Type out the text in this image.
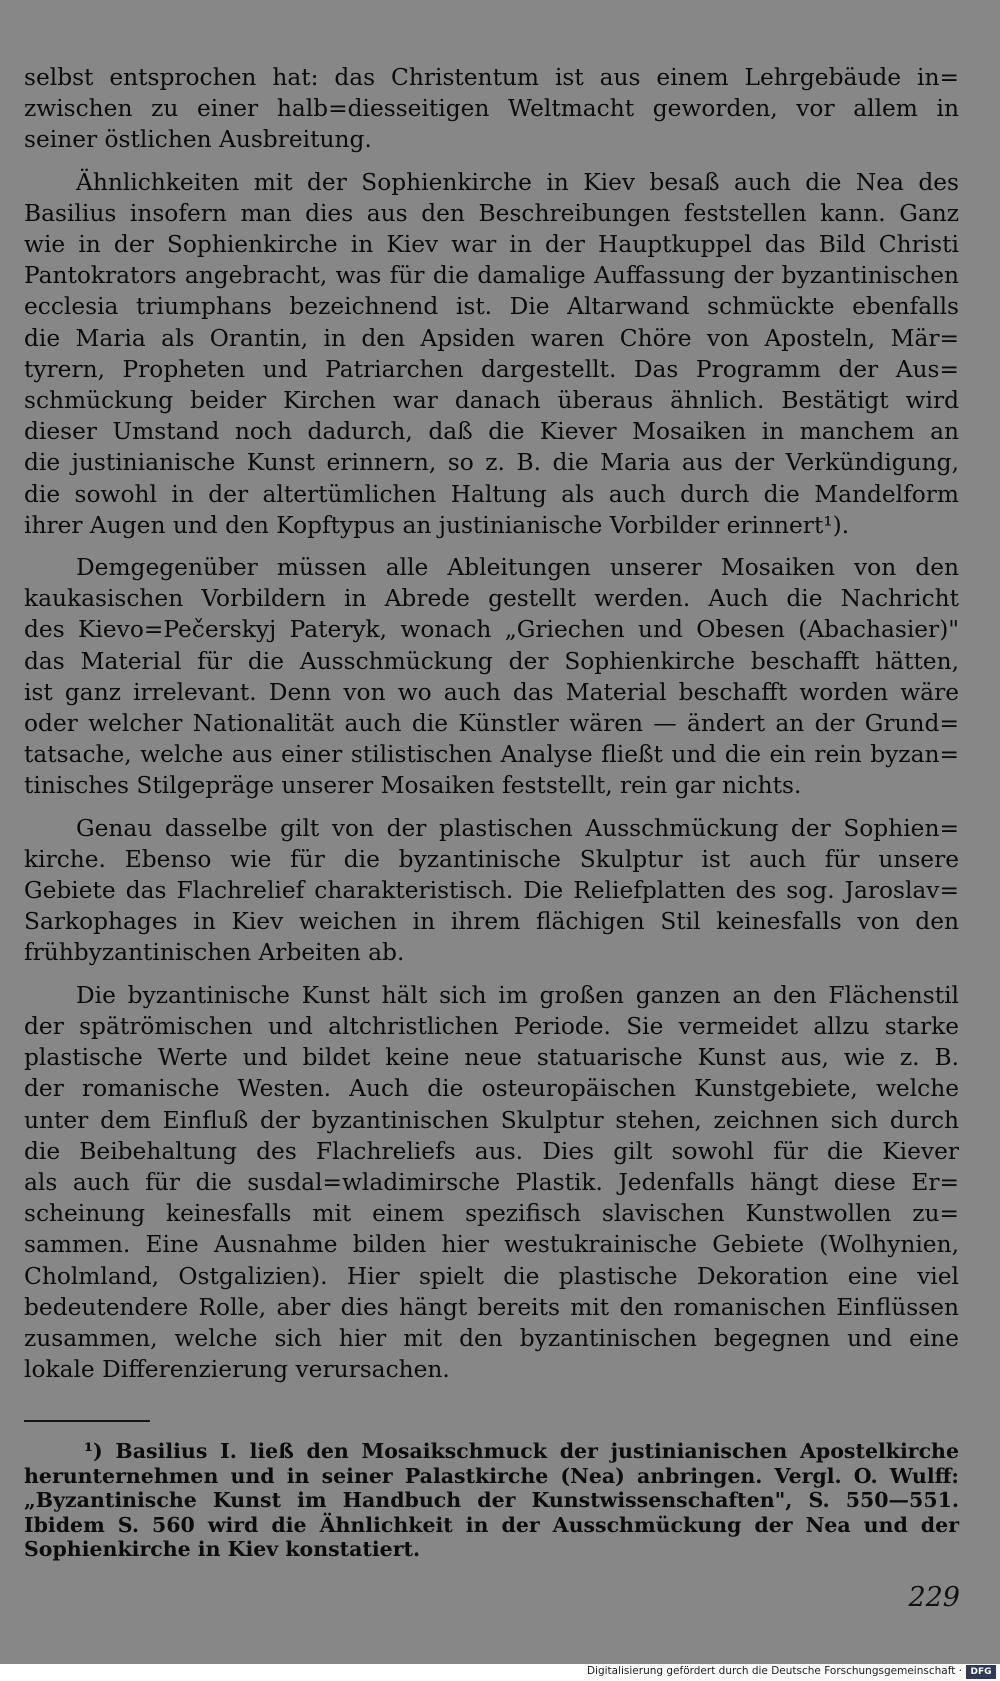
selbst entsprochen hat: das Christentum ist aus einem Lehrgebäude in=
zwischen zu einer halb=diesseitigen Weltmacht geworden, vor allem in
seiner östlichen Ausbreitung.
Ähnlichkeiten mit der Sophienkirche in Kiev besaß auch die Nea des
Basilius insofern man dies aus den Beschreibungen feststellen kann. Ganz
wie in der Sophienkirche in Kiev war in der Hauptkuppel das Bild Christi
Pantokrators angebracht, was für die damalige Auffassung der byzantinischen
ecclesia triumphans bezeichnend ist. Die Altarwand schmückte ebenfalls
die Maria als Orantin, in den Apsiden waren Chöre von Aposteln, Mär=
tyrern, Propheten und Patriarchen dargestellt. Das Programm der Aus=
schmückung beider Kirchen war danach überaus ähnlich. Bestätigt wird
dieser Umstand noch dadurch, daß die Kiever Mosaiken in manchem an
die justinianische Kunst erinnern, so z. B. die Maria aus der Verkündigung,
die sowohl in der altertümlichen Haltung als auch durch die Mandelform
ihrer Augen und den Kopftypus an justinianische Vorbilder erinnert¹).
Demgegenüber müssen alle Ableitungen unserer Mosaiken von den
kaukasischen Vorbildern in Abrede gestellt werden. Auch die Nachricht
des Kievo=Pečerskyj Pateryk, wonach „Griechen und Obesen (Abachasier)"
das Material für die Ausschmückung der Sophienkirche beschafft hätten,
ist ganz irrelevant. Denn von wo auch das Material beschafft worden wäre
oder welcher Nationalität auch die Künstler wären — ändert an der Grund=
tatsache, welche aus einer stilistischen Analyse fließt und die ein rein byzan=
tinisches Stilgepräge unserer Mosaiken feststellt, rein gar nichts.
Genau dasselbe gilt von der plastischen Ausschmückung der Sophien=
kirche. Ebenso wie für die byzantinische Skulptur ist auch für unsere
Gebiete das Flachrelief charakteristisch. Die Reliefplatten des sog. Jaroslav=
Sarkophages in Kiev weichen in ihrem flächigen Stil keinesfalls von den
frühbyzantinischen Arbeiten ab.
Die byzantinische Kunst hält sich im großen ganzen an den Flächenstil
der spätrömischen und altchristlichen Periode. Sie vermeidet allzu starke
plastische Werte und bildet keine neue statuarische Kunst aus, wie z. B.
der romanische Westen. Auch die osteuropäischen Kunstgebiete, welche
unter dem Einfluß der byzantinischen Skulptur stehen, zeichnen sich durch
die Beibehaltung des Flachreliefs aus. Dies gilt sowohl für die Kiever
als auch für die susdal=wladimirsche Plastik. Jedenfalls hängt diese Er=
scheinung keinesfalls mit einem spezifisch slavischen Kunstwollen zu=
sammen. Eine Ausnahme bilden hier westukrainische Gebiete (Wolhynien,
Cholmland, Ostgalizien). Hier spielt die plastische Dekoration eine viel
bedeutendere Rolle, aber dies hängt bereits mit den romanischen Einflüssen
zusammen, welche sich hier mit den byzantinischen begegnen und eine
lokale Differenzierung verursachen.
¹) Basilius I. ließ den Mosaikschmuck der justinianischen Apostelkirche
herunternehmen und in seiner Palastkirche (Nea) anbringen. Vergl. O. Wulff:
„Byzantinische Kunst im Handbuch der Kunstwissenschaften", S. 550—551.
Ibidem S. 560 wird die Ähnlichkeit in der Ausschmückung der Nea und der
Sophienkirche in Kiev konstatiert.
229
Digitalisierung gefördert durch die Deutsche Forschungsgemeinschaft · DFG
